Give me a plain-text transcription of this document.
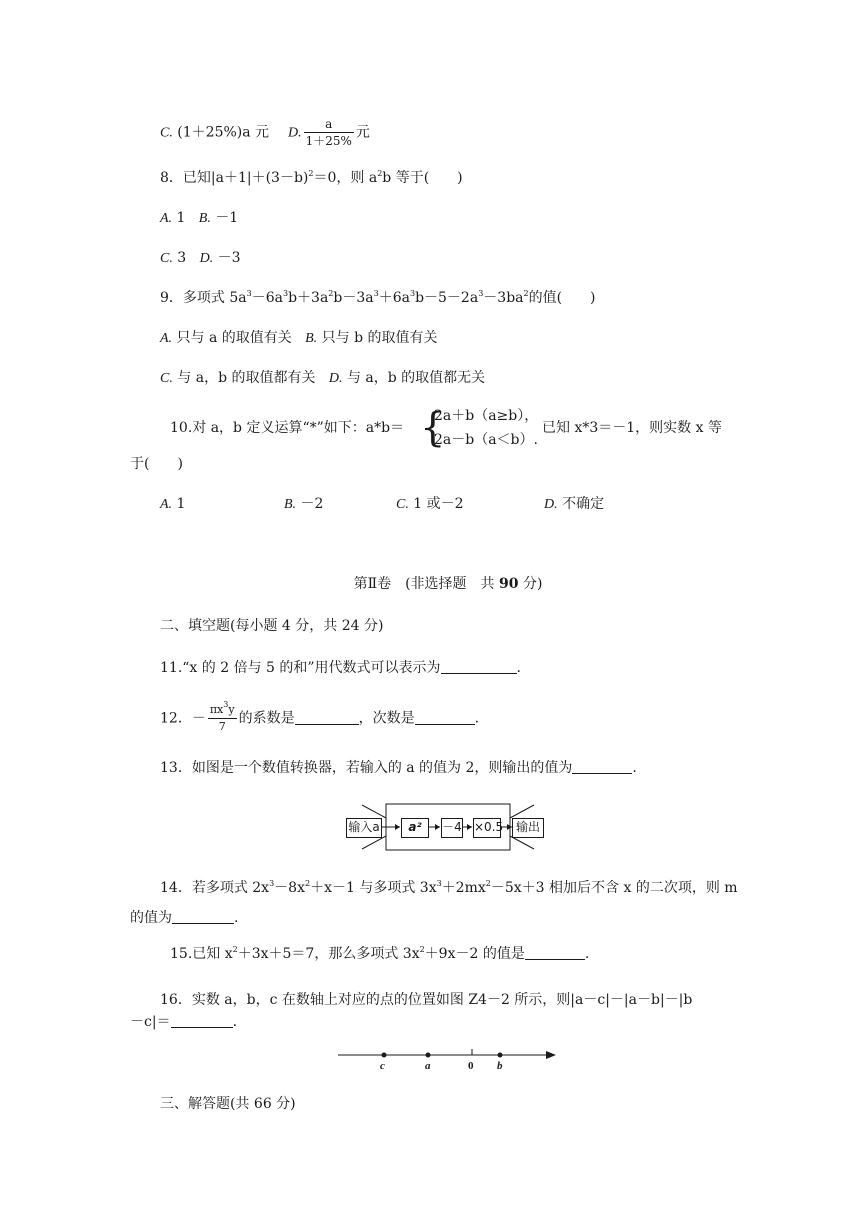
C. (1＋25%)a 元 D. $\frac{a}{1+25\%}$ 元
8．已知$|a+1|+(3-b)^2=0$，则 $a^2b$ 等于(　　)
A. 1 B. －1
C. 3 D. －3
9．多项式 $5a^3-6a^3b+3a^2b-3a^3+6a^3b-5-2a^3-3ba^2$的值(　　)
A. 只与 a 的取值有关 B. 只与 b 的取值有关
C. 与 a，b 的取值都有关 D. 与 a，b 的取值都无关
10.对 a，b 定义运算“*”如下：a*b＝ {
2a＋b（a≥b），
2a－b（a＜b）.
已知 x*3＝－1，则实数 x 等
于(　　)
A. 1	B. －2	C. 1 或－2	D. 不确定
第Ⅱ卷　(非选择题　共 90 分)
二、填空题(每小题 4 分，共 24 分)
11.“x 的 2 倍与 5 的和”用代数式可以表示为	.
12．－ $\frac{\pi x^3y}{7}$ 的系数是	，次数是	.
13．如图是一个数值转换器，若输入的 a 的值为 2，则输出的值为	.
输入a	a²	－4 ×0.5	输出
14．若多项式 $2x^3-8x^2+x-1$ 与多项式 $3x^3+2mx^2-5x+3$ 相加后不含 x 的二次项，则 m
的值为	.
15.已知 $x^2+3x+5=7$，那么多项式 $3x^2+9x-2$ 的值是	.
16．实数 a，b，c 在数轴上对应的点的位置如图 Z4－2 所示，则|a－c|－|a－b|－|b
－c|＝	.
c	a	0 b
三、解答题(共 66 分)
